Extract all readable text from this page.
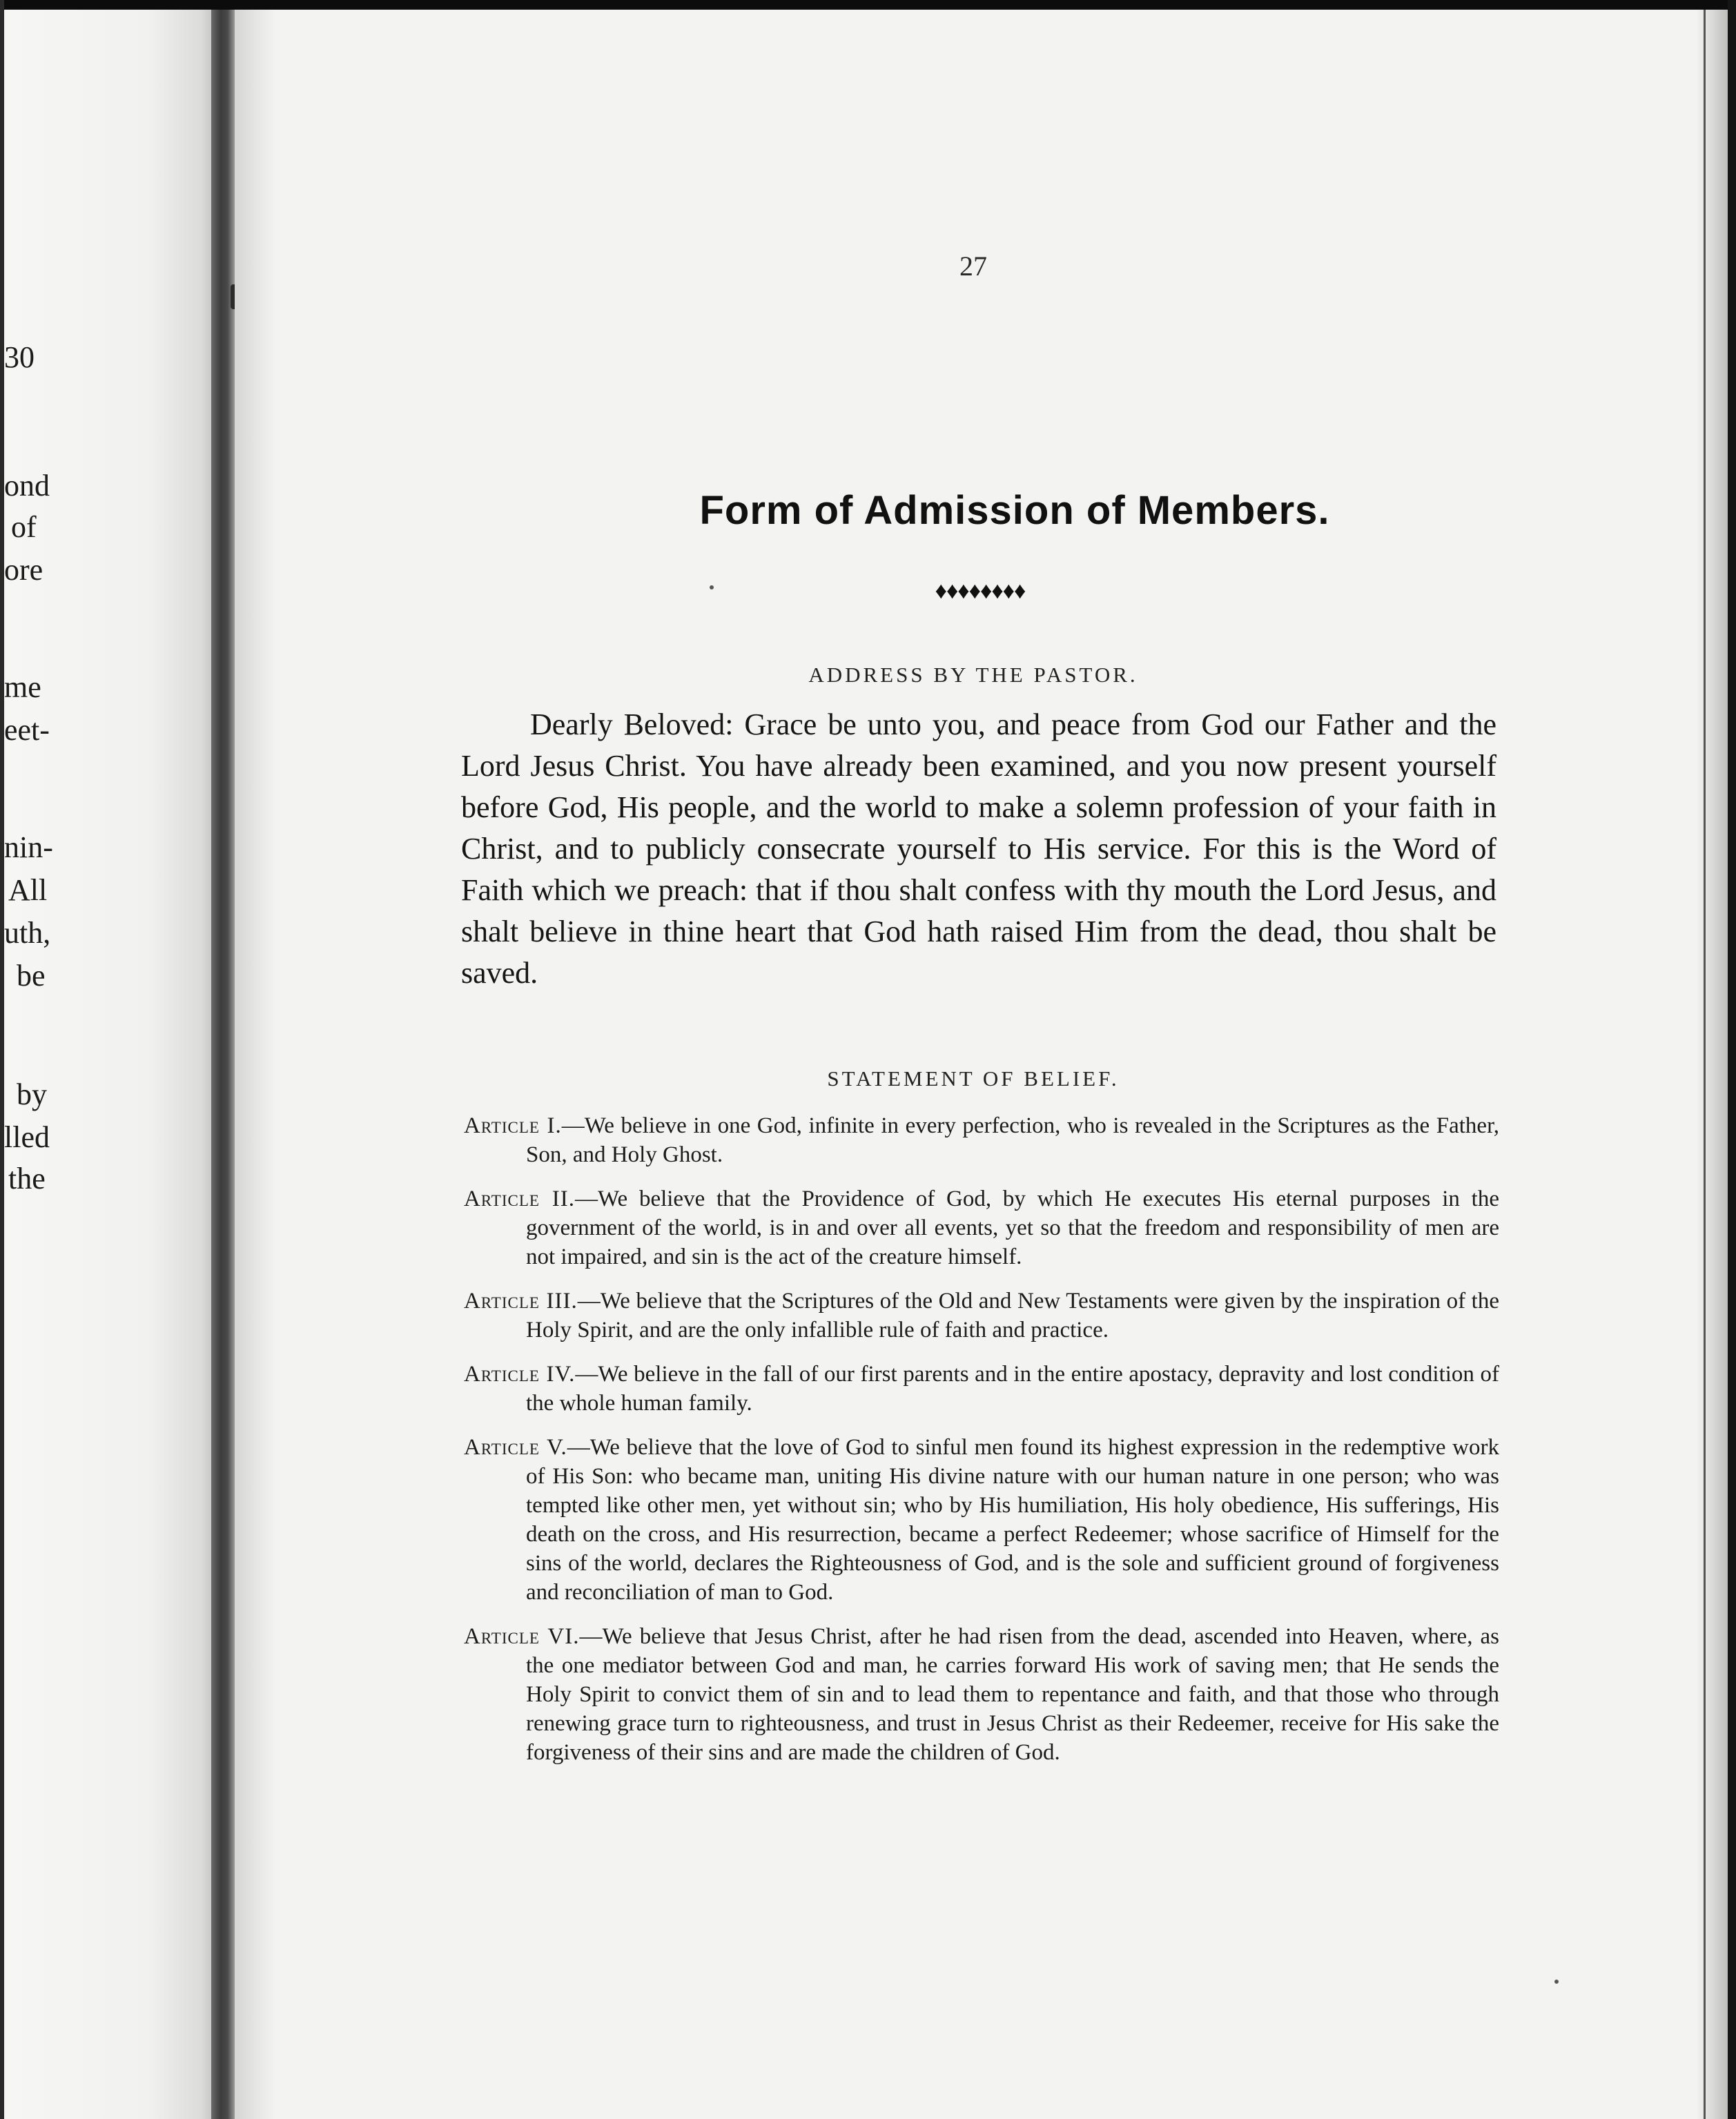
30
ond
of
ore
me
eet-
nin-
All
uth,
be
by
lled
the
27
Form of Admission of Members.
♦♦♦♦♦♦♦♦
ADDRESS BY THE PASTOR.
Dearly Beloved: Grace be unto you, and peace from God our Father and the Lord Jesus Christ. You have already been examined, and you now present yourself before God, His people, and the world to make a solemn profession of your faith in Christ, and to publicly consecrate yourself to His service. For this is the Word of Faith which we preach: that if thou shalt confess with thy mouth the Lord Jesus, and shalt believe in thine heart that God hath raised Him from the dead, thou shalt be saved.
STATEMENT OF BELIEF.
Article I.—We believe in one God, infinite in every perfection, who is revealed in the Scriptures as the Father, Son, and Holy Ghost.
Article II.—We believe that the Providence of God, by which He executes His eternal purposes in the government of the world, is in and over all events, yet so that the freedom and responsibility of men are not impaired, and sin is the act of the creature himself.
Article III.—We believe that the Scriptures of the Old and New Testaments were given by the inspiration of the Holy Spirit, and are the only infallible rule of faith and practice.
Article IV.—We believe in the fall of our first parents and in the entire apostacy, depravity and lost condition of the whole human family.
Article V.—We believe that the love of God to sinful men found its highest expression in the redemptive work of His Son: who became man, uniting His divine nature with our human nature in one person; who was tempted like other men, yet without sin; who by His humiliation, His holy obedience, His sufferings, His death on the cross, and His resurrection, became a perfect Redeemer; whose sacrifice of Himself for the sins of the world, declares the Righteousness of God, and is the sole and sufficient ground of forgiveness and reconciliation of man to God.
Article VI.—We believe that Jesus Christ, after he had risen from the dead, ascended into Heaven, where, as the one mediator between God and man, he carries forward His work of saving men; that He sends the Holy Spirit to convict them of sin and to lead them to repentance and faith, and that those who through renewing grace turn to righteousness, and trust in Jesus Christ as their Redeemer, receive for His sake the forgiveness of their sins and are made the children of God.
